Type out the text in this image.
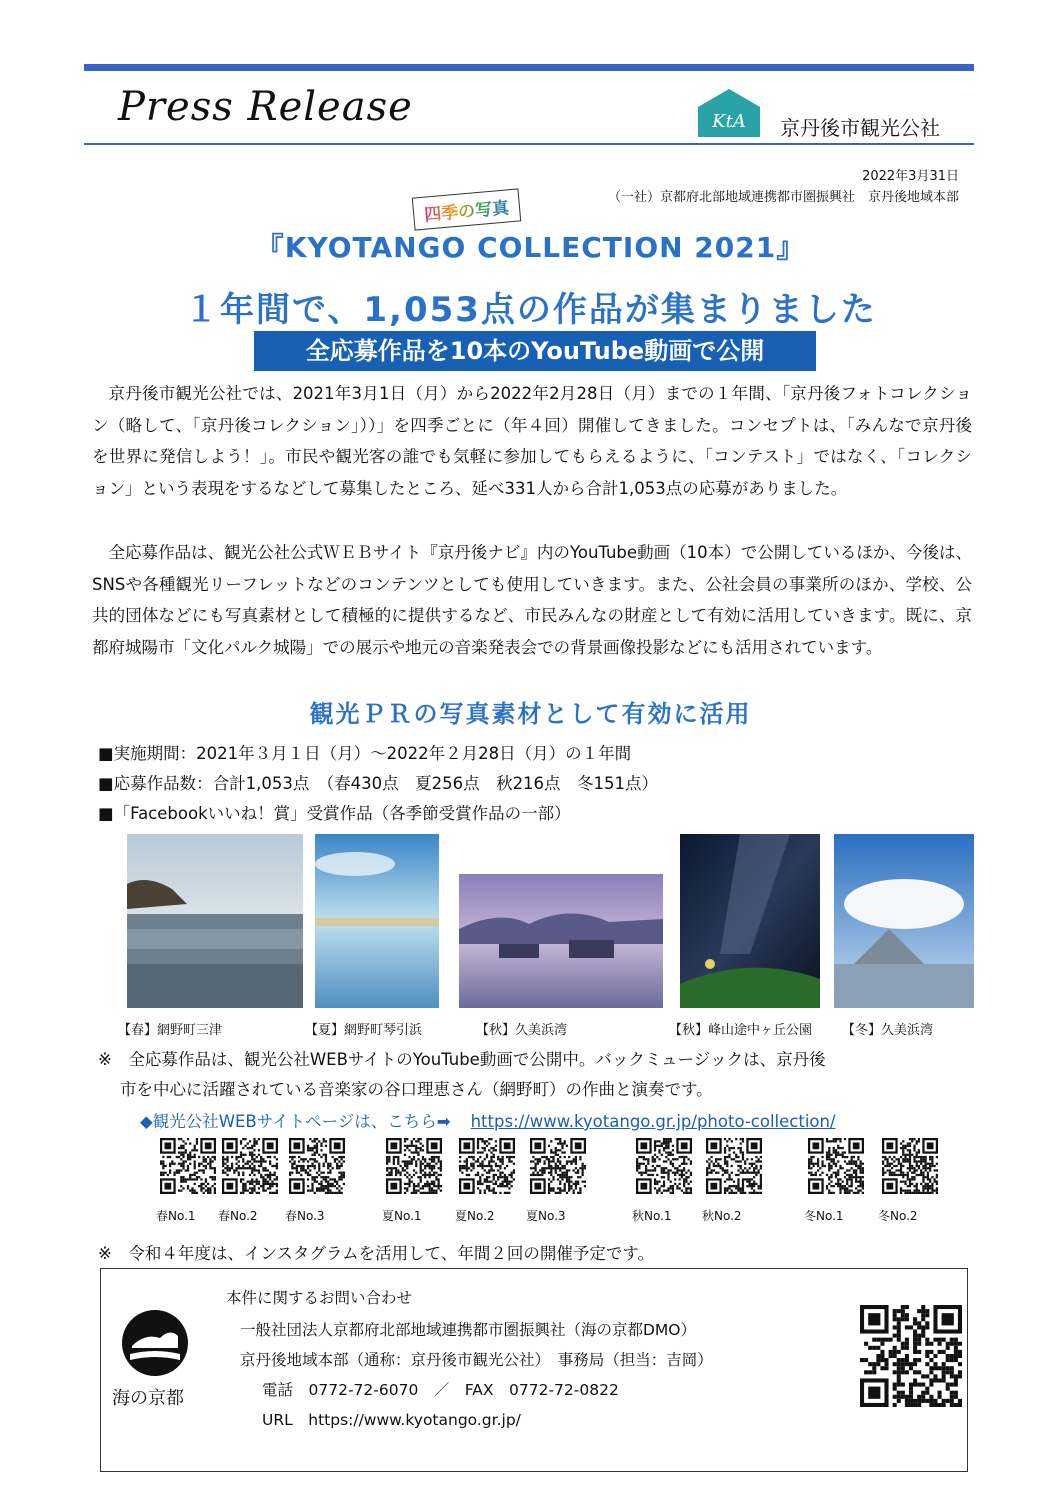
Press Release	KtA 京丹後市観光公社
2022年3月31日
（一社）京都府北部地域連携都市圏振興社　京丹後地域本部
四季の写真
『KYOTANGO COLLECTION 2021』
１年間で、1,053点の作品が集まりました
全応募作品を10本のYouTube動画で公開
京丹後市観光公社では、2021年3月1日（月）から2022年2月28日（月）までの１年間、「京丹後フォトコレクション（略して、「京丹後コレクション」））」を四季ごとに（年４回）開催してきました。コンセプトは、「みんなで京丹後を世界に発信しよう！」。市民や観光客の誰でも気軽に参加してもらえるように、「コンテスト」ではなく、「コレクション」という表現をするなどして募集したところ、延べ331人から合計1,053点の応募がありました。
全応募作品は、観光公社公式ＷＥＢサイト『京丹後ナビ』内のYouTube動画（10本）で公開しているほか、今後は、SNSや各種観光リーフレットなどのコンテンツとしても使用していきます。また、公社会員の事業所のほか、学校、公共的団体などにも写真素材として積極的に提供するなど、市民みんなの財産として有効に活用していきます。既に、京都府城陽市「文化パルク城陽」での展示や地元の音楽発表会での背景画像投影などにも活用されています。
観光ＰＲの写真素材として有効に活用
■実施期間：2021年３月１日（月）～2022年２月28日（月）の１年間
■応募作品数：合計1,053点　（春430点　夏256点　秋216点　冬151点）
■「Facebookいいね！賞」受賞作品（各季節受賞作品の一部）
【春】網野町三津	【夏】網野町琴引浜	【秋】久美浜湾	【秋】峰山途中ヶ丘公園 【冬】久美浜湾
※　全応募作品は、観光公社WEBサイトのYouTube動画で公開中。バックミュージックは、京丹後
市を中心に活躍されている音楽家の谷口理恵さん（網野町）の作曲と演奏です。
◆観光公社WEBサイトページは、こちら➡ https://www.kyotango.gr.jp/photo-collection/
春No.1 春No.2 春No.3	夏No.1	夏No.2	夏No.3	秋No.1	秋No.2	冬No.1	冬No.2
※　令和４年度は、インスタグラムを活用して、年間２回の開催予定です。
海の京都
本件に関するお問い合わせ
一般社団法人京都府北部地域連携都市圏振興社（海の京都DMO）
京丹後地域本部（通称：京丹後市観光公社）　事務局（担当：吉岡）
電話　0772-72-6070　／　FAX　0772-72-0822
URL　https://www.kyotango.gr.jp/
